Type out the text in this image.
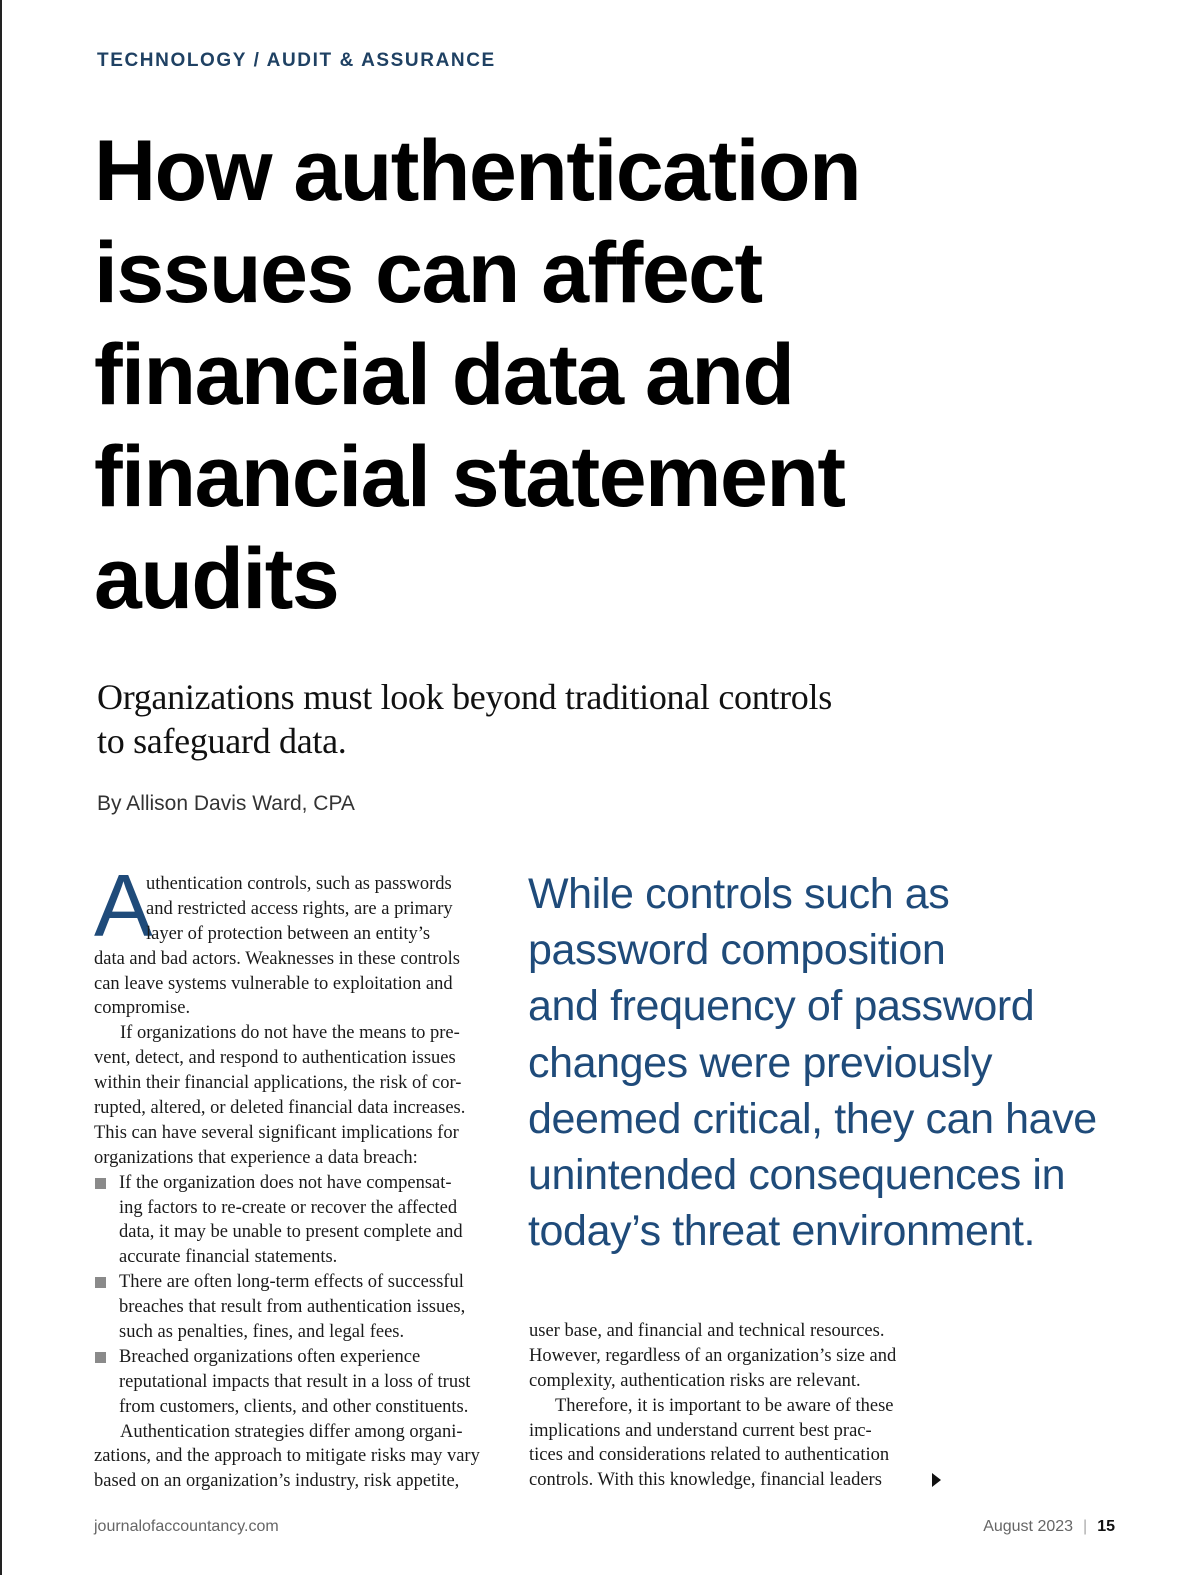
TECHNOLOGY / AUDIT & ASSURANCE
How authentication
issues can affect
financial data and
financial statement
audits

Organizations must look beyond traditional controls
to safeguard data.

By Allison Davis Ward, CPA
A
uthentication controls, such as passwords
and restricted access rights, are a primary
layer of protection between an entity’s
data and bad actors. Weaknesses in these controls
can leave systems vulnerable to exploitation and
compromise.
If organizations do not have the means to pre-
vent, detect, and respond to authentication issues
within their financial applications, the risk of cor-
rupted, altered, or deleted financial data increases.
This can have several significant implications for
organizations that experience a data breach:
If the organization does not have compensat-
ing factors to re-create or recover the affected
data, it may be unable to present complete and
accurate financial statements.
There are often long-term effects of successful
breaches that result from authentication issues,
such as penalties, fines, and legal fees.
Breached organizations often experience
reputational impacts that result in a loss of trust
from customers, clients, and other constituents.
Authentication strategies differ among organi-
zations, and the approach to mitigate risks may vary
based on an organization’s industry, risk appetite,
While controls such as
password composition
and frequency of password
changes were previously
deemed critical, they can have
unintended consequences in
today’s threat environment.
user base, and financial and technical resources.
However, regardless of an organization’s size and
complexity, authentication risks are relevant.
Therefore, it is important to be aware of these
implications and understand current best prac-
tices and considerations related to authentication
controls. With this knowledge, financial leaders
journalofaccountancy.com	August 2023 | 15
